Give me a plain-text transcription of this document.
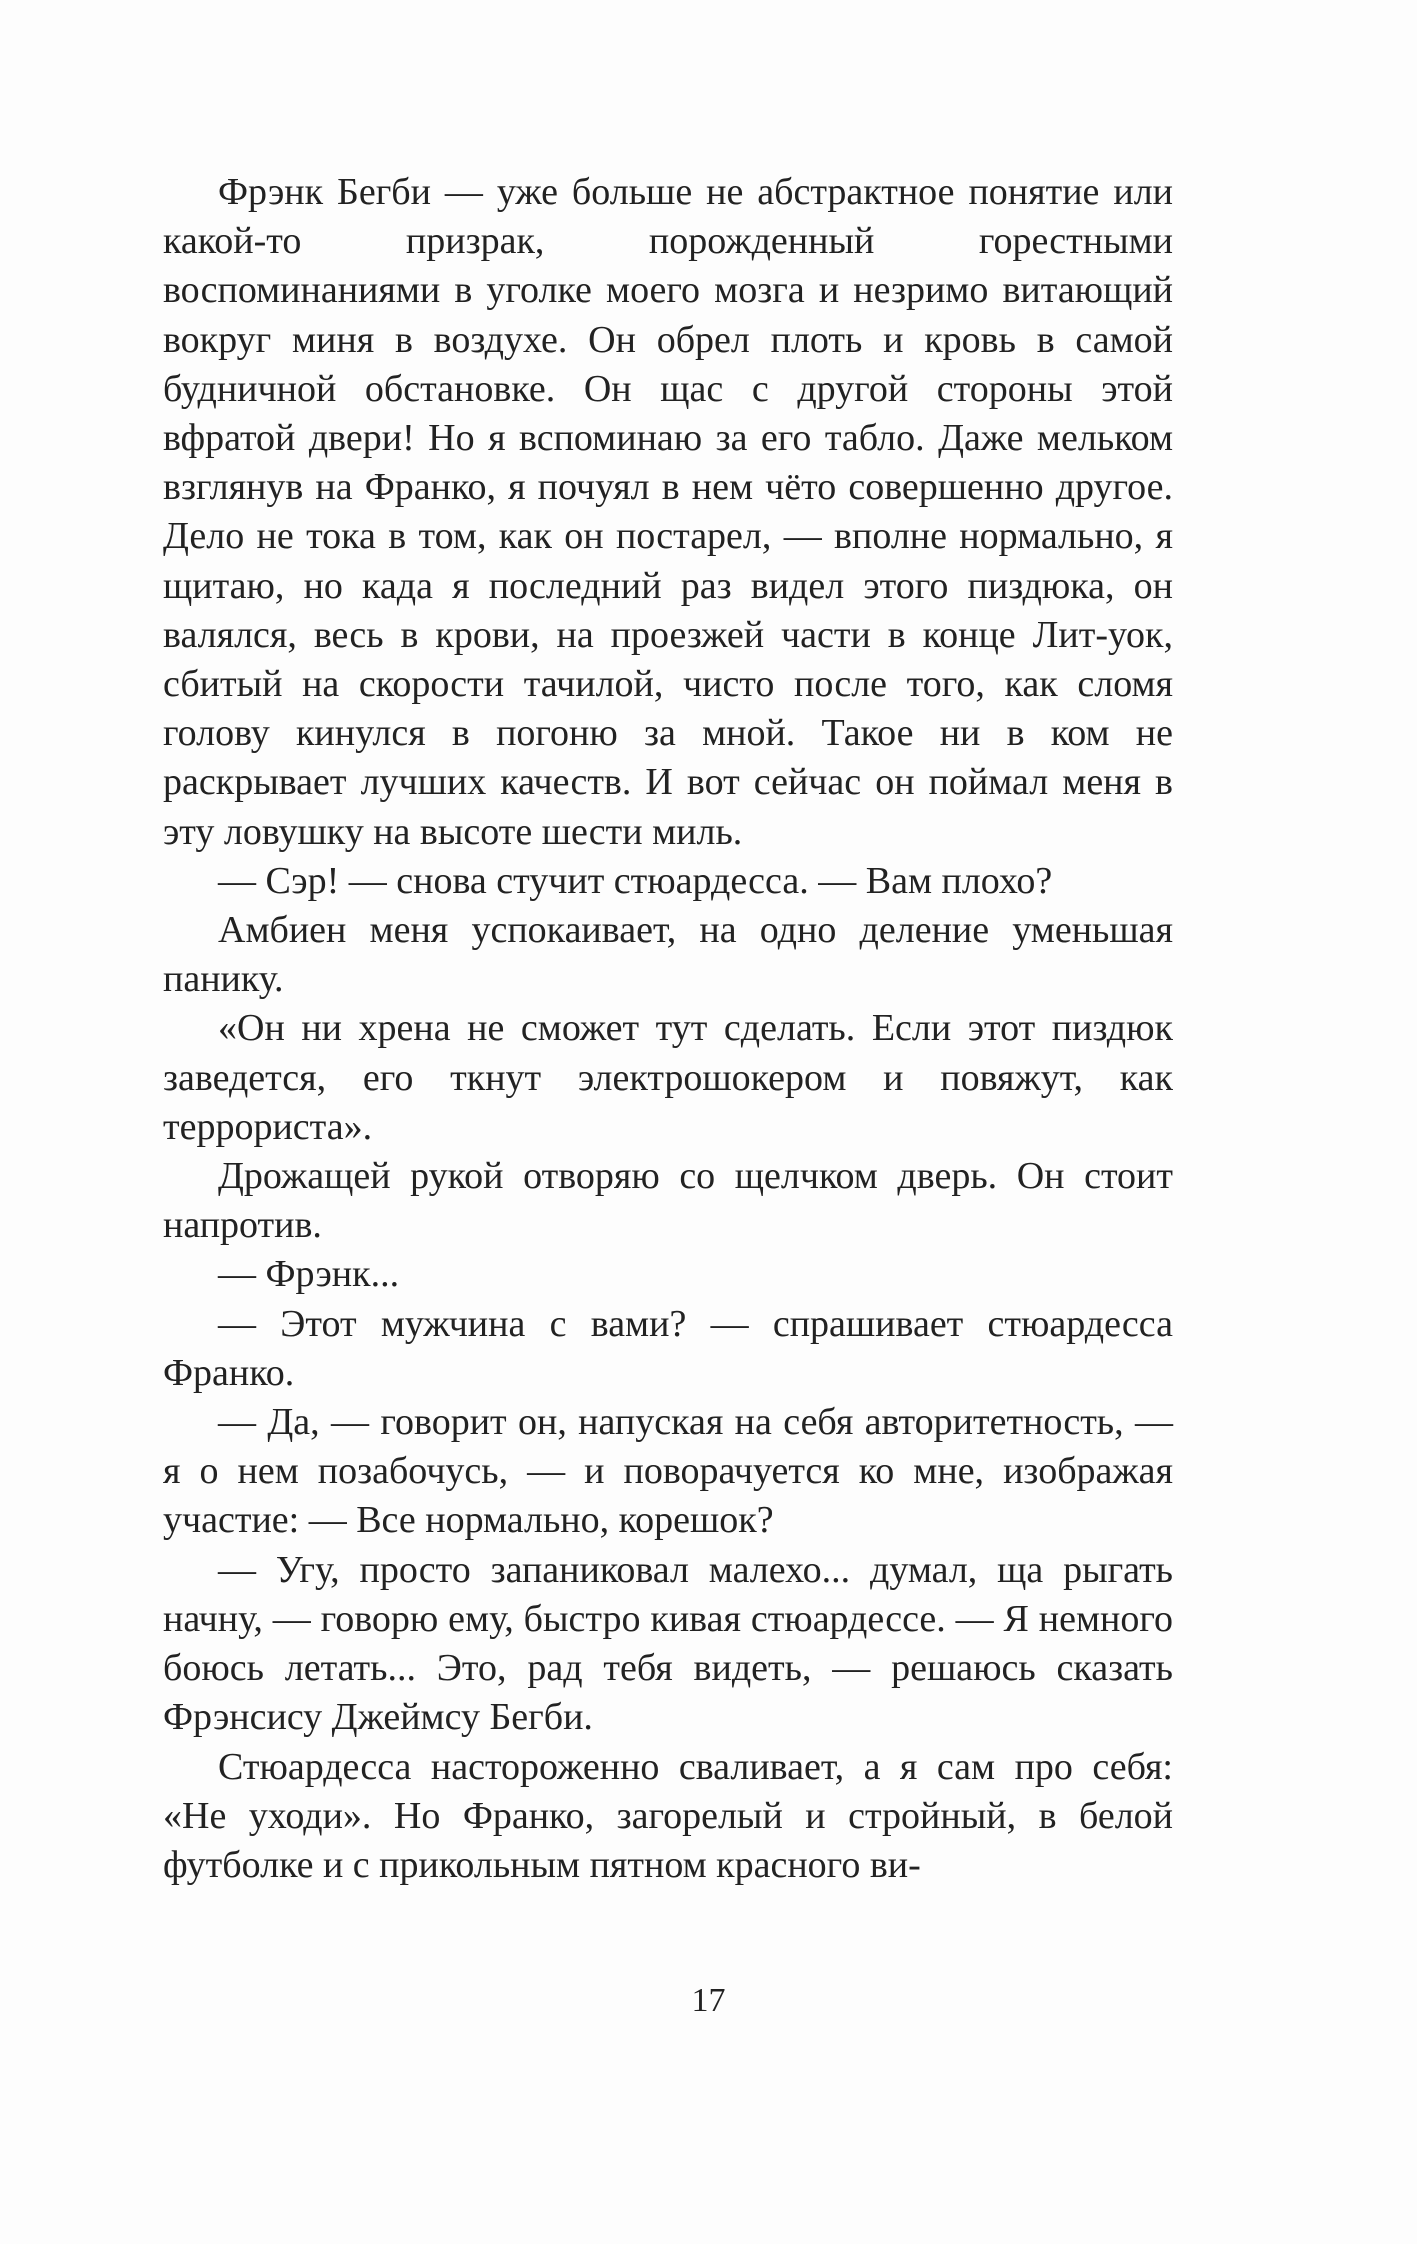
Фрэнк Бегби — уже больше не абстрактное понятие или какой-то призрак, порожденный горестными воспоминаниями в уголке моего мозга и незримо витающий вокруг миня в воздухе. Он обрел плоть и кровь в самой будничной обстановке. Он щас с другой стороны этой вфратой двери! Но я вспоминаю за его табло. Даже мельком взглянув на Франко, я почуял в нем чёто совершенно другое. Дело не тока в том, как он постарел, — вполне нормально, я щитаю, но када я последний раз видел этого пиздюка, он валялся, весь в крови, на проезжей части в конце Лит-уок, сбитый на скорости тачилой, чисто после того, как сломя голову кинулся в погоню за мной. Такое ни в ком не раскрывает лучших качеств. И вот сейчас он поймал меня в эту ловушку на высоте шести миль.

— Сэр! — снова стучит стюардесса. — Вам плохо?

Амбиен меня успокаивает, на одно деление уменьшая панику.

«Он ни хрена не сможет тут сделать. Если этот пиздюк заведется, его ткнут электрошокером и повяжут, как террориста».

Дрожащей рукой отворяю со щелчком дверь. Он стоит напротив.

— Фрэнк...

— Этот мужчина с вами? — спрашивает стюардесса Франко.

— Да, — говорит он, напуская на себя авторитетность, — я о нем позабочусь, — и поворачуется ко мне, изображая участие: — Все нормально, корешок?

— Угу, просто запаниковал малехо... думал, ща рыгать начну, — говорю ему, быстро кивая стюардессе. — Я немного боюсь летать... Это, рад тебя видеть, — решаюсь сказать Фрэнсису Джеймсу Бегби.

Стюардесса настороженно сваливает, а я сам про себя: «Не уходи». Но Франко, загорелый и стройный, в белой футболке и с прикольным пятном красного ви-

17
